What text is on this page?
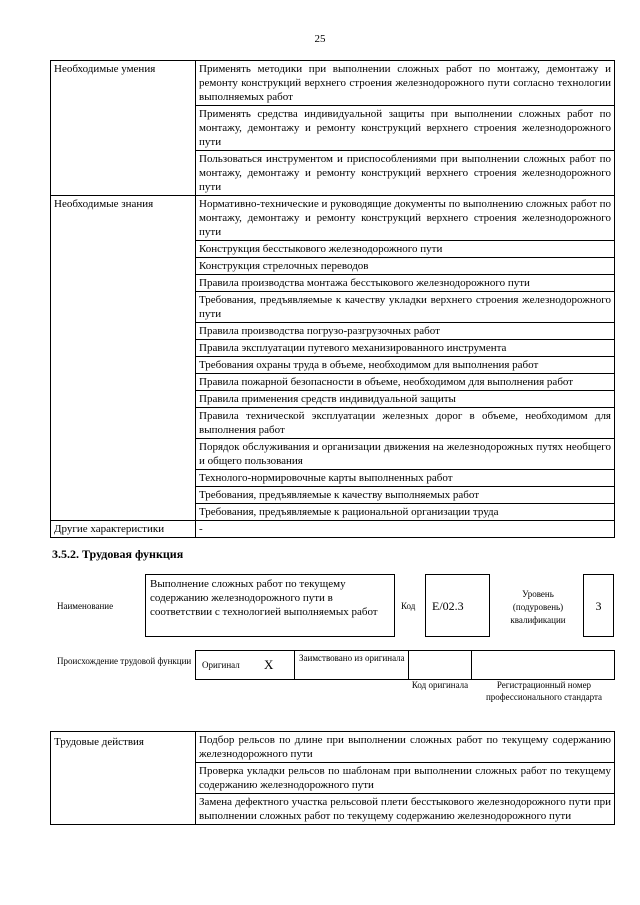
25
Необходимые умения	Применять методики при выполнении сложных работ по монтажу, демонтажу и ремонту конструкций верхнего строения железнодорожного пути согласно технологии выполняемых работ
	Применять средства индивидуальной защиты при выполнении сложных работ по монтажу, демонтажу и ремонту конструкций верхнего строения железнодорожного пути
	Пользоваться инструментом и приспособлениями при выполнении сложных работ по монтажу, демонтажу и ремонту конструкций верхнего строения железнодорожного пути
Необходимые знания	Нормативно-технические и руководящие документы по выполнению сложных работ по монтажу, демонтажу и ремонту конструкций верхнего строения железнодорожного пути
	Конструкция бесстыкового железнодорожного пути
	Конструкция стрелочных переводов
	Правила производства монтажа бесстыкового железнодорожного пути
	Требования, предъявляемые к качеству укладки верхнего строения железнодорожного пути
	Правила производства погрузо-разгрузочных работ
	Правила эксплуатации путевого механизированного инструмента
	Требования охраны труда в объеме, необходимом для выполнения работ
	Правила пожарной безопасности в объеме, необходимом для выполнения работ
	Правила применения средств индивидуальной защиты
	Правила технической эксплуатации железных дорог в объеме, необходимом для выполнения работ
	Порядок обслуживания и организации движения на железнодорожных путях необщего и общего пользования
	Технолого-нормировочные карты выполненных работ
	Требования, предъявляемые к качеству выполняемых работ
	Требования, предъявляемые к рациональной организации труда
Другие характеристики	-
3.5.2. Трудовая функция
Наименование
Выполнение сложных работ по текущему содержанию железнодорожного пути в соответствии с технологией выполняемых работ	Код E/02.3
Уровень (подуровень) квалификации
3
Происхождение трудовой функции Оригинал X	Заимствовано из оригинала
Код оригинала	Регистрационный номер профессионального стандарта
Трудовые действия	Подбор рельсов по длине при выполнении сложных работ по текущему содержанию железнодорожного пути
Проверка укладки рельсов по шаблонам при выполнении сложных работ по текущему содержанию железнодорожного пути
Замена дефектного участка рельсовой плети бесстыкового железнодорожного пути при выполнении сложных работ по текущему содержанию железнодорожного пути
